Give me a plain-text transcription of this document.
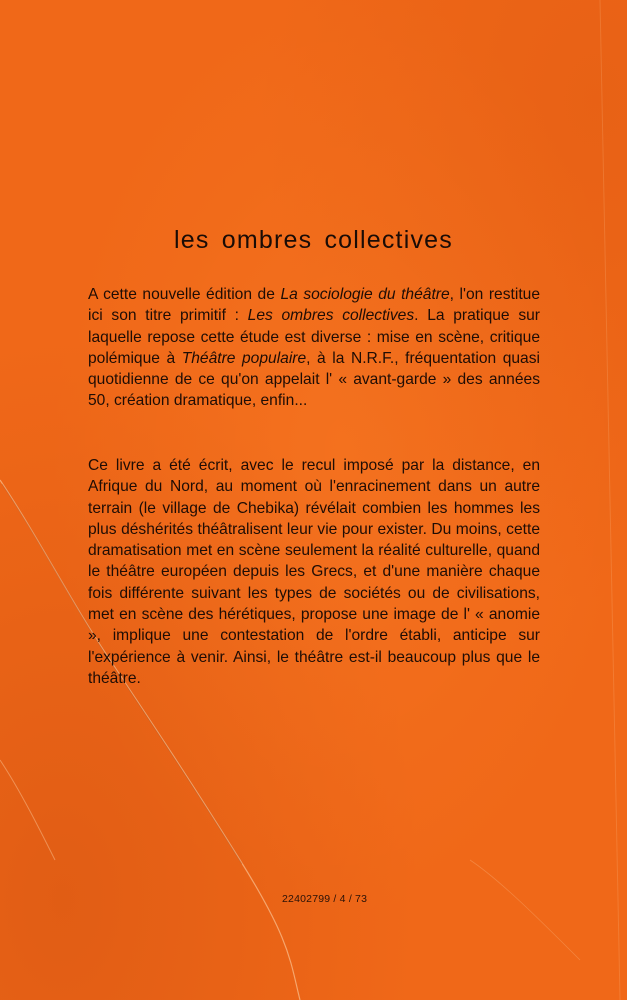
les ombres collectives

A cette nouvelle édition de La sociologie du théâtre, l'on restitue ici son titre primitif : Les ombres collectives. La pratique sur laquelle repose cette étude est diverse : mise en scène, critique polémique à Théâtre populaire, à la N.R.F., fréquentation quasi quotidienne de ce qu'on appelait l' « avant-garde » des années 50, création dramatique, enfin...

Ce livre a été écrit, avec le recul imposé par la distance, en Afrique du Nord, au moment où l'enracinement dans un autre terrain (le village de Chebika) révélait combien les hommes les plus déshérités théâtralisent leur vie pour exister. Du moins, cette dramatisation met en scène seulement la réalité culturelle, quand le théâtre européen depuis les Grecs, et d'une manière chaque fois différente suivant les types de sociétés ou de civilisations, met en scène des hérétiques, propose une image de l' « anomie », implique une contestation de l'ordre établi, anticipe sur l'expérience à venir. Ainsi, le théâtre est-il beaucoup plus que le théâtre.

22402799 / 4 / 73
